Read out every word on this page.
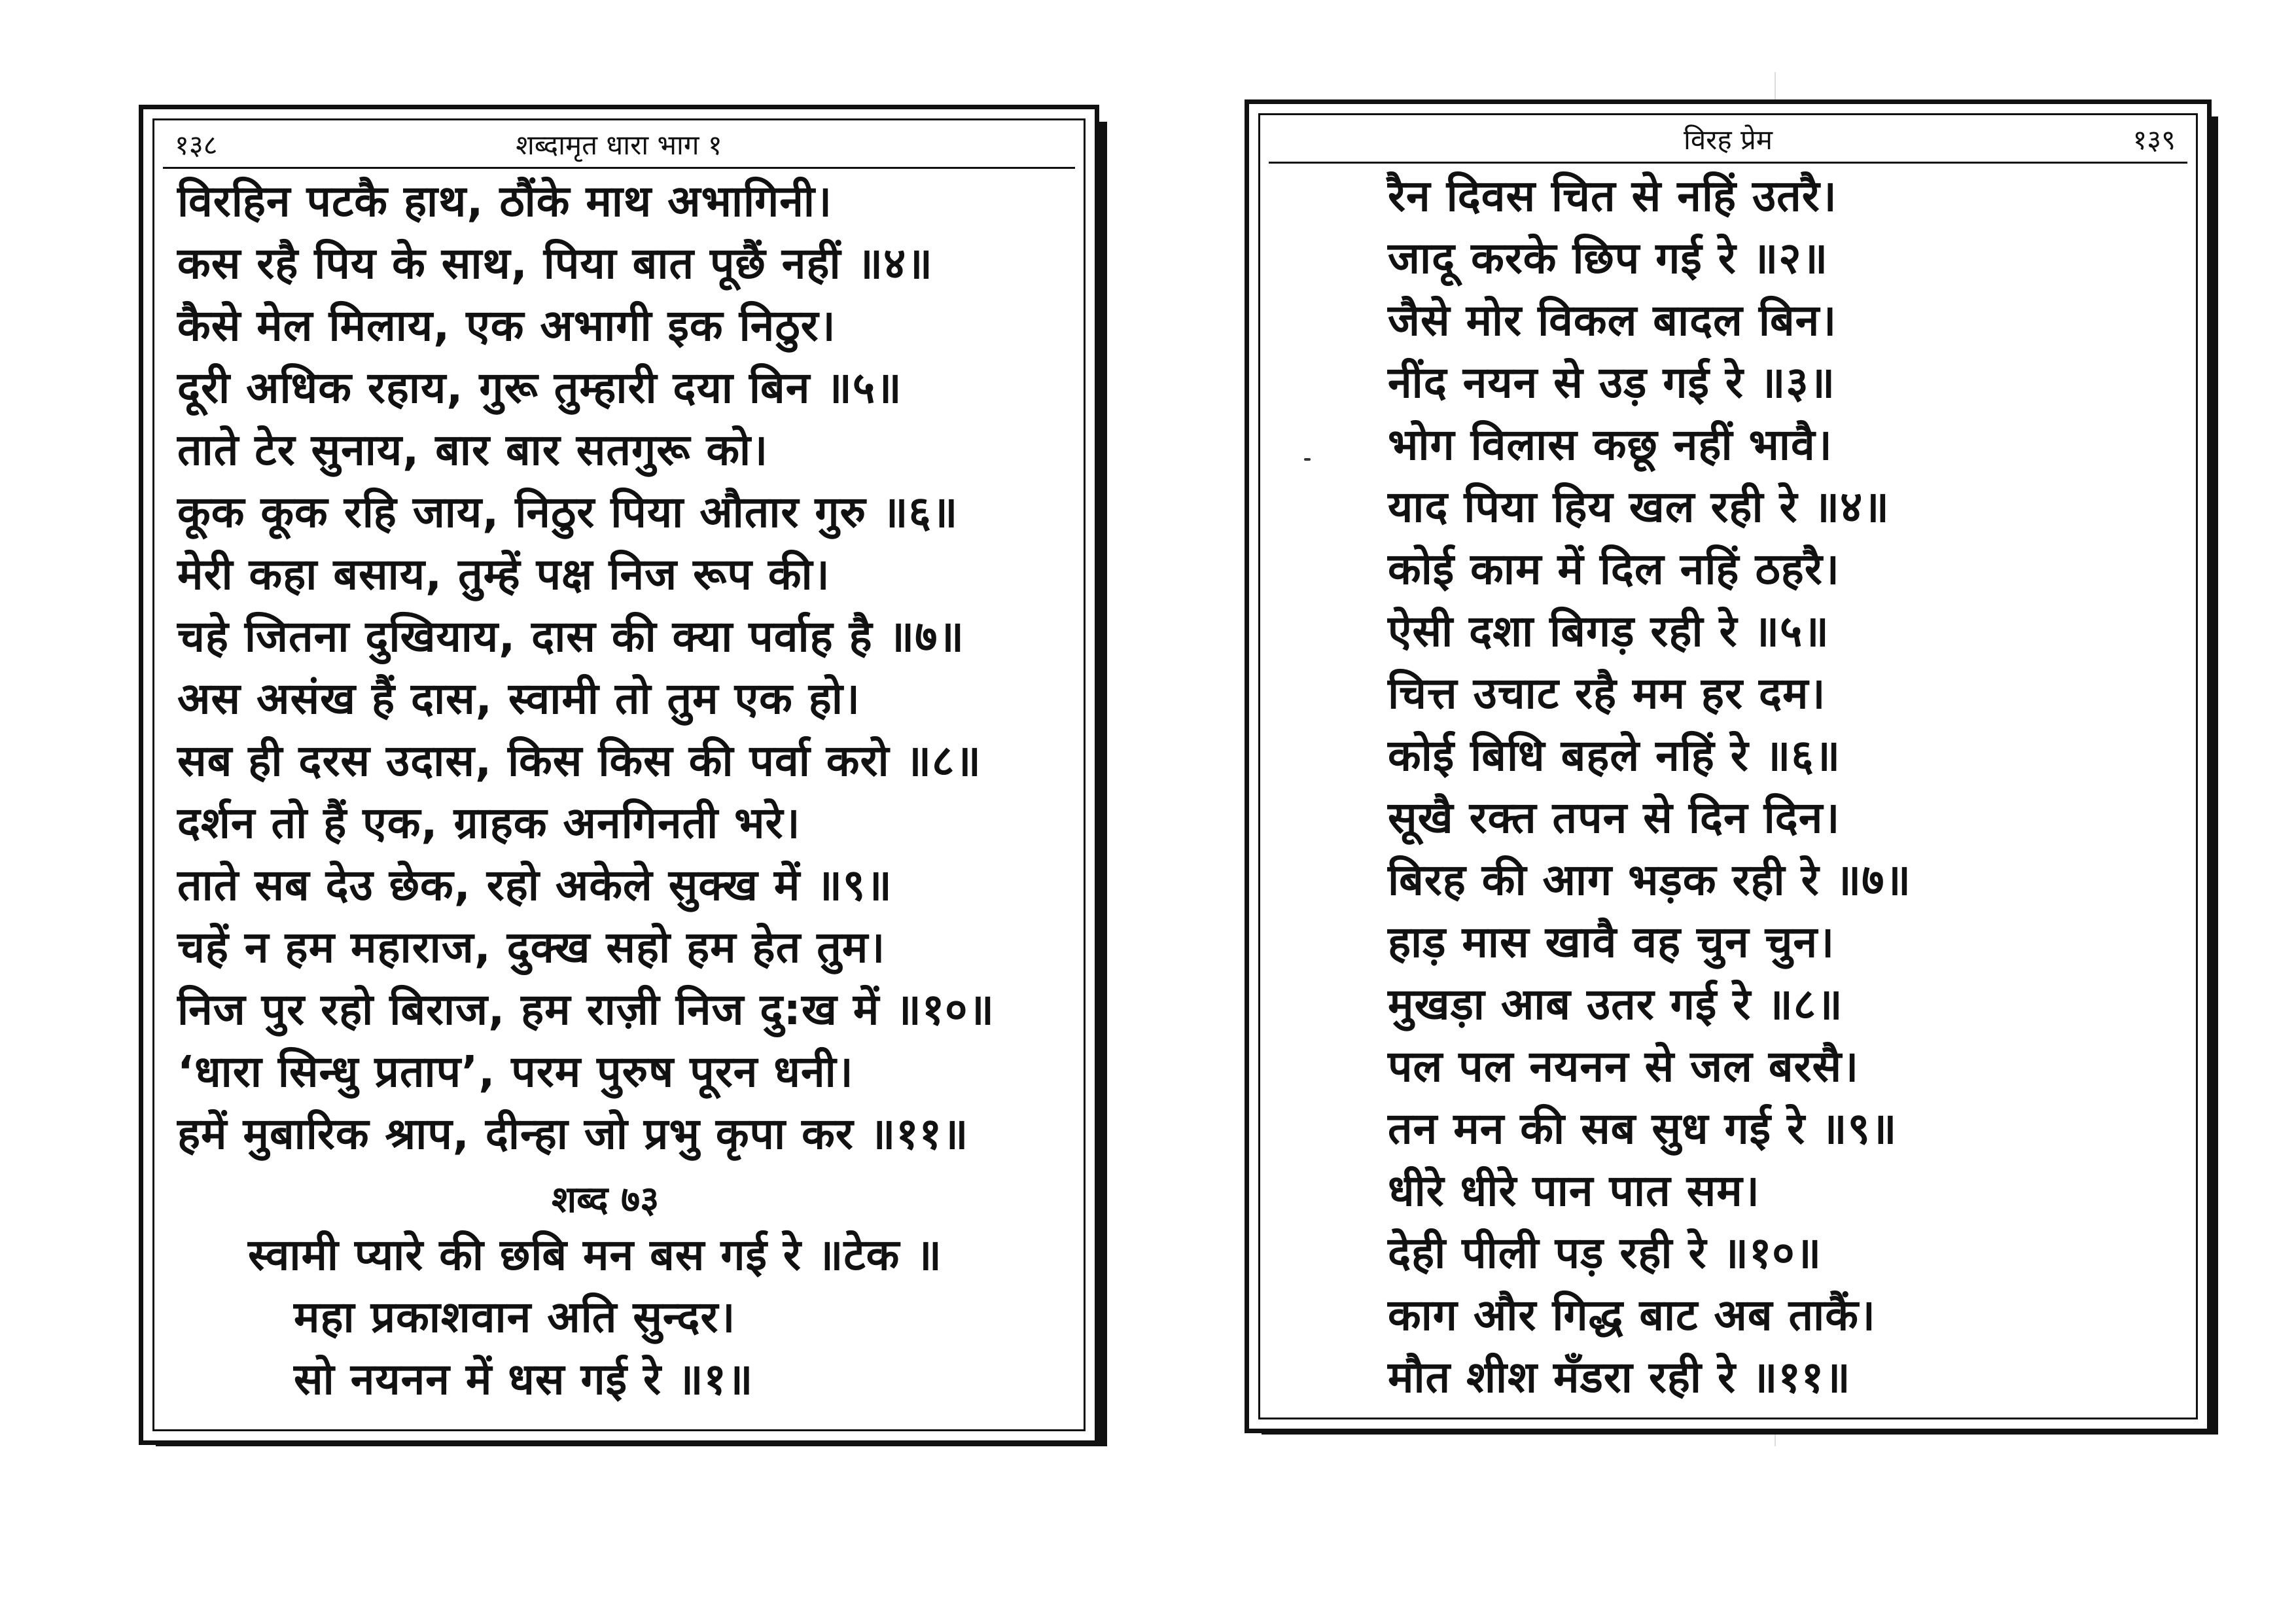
१३८	शब्दामृत धारा भाग १
विरहिन पटकै हाथ, ठौंके माथ अभागिनी।
कस रहै पिय के साथ, पिया बात पूछैं नहीं ॥४॥
कैसे मेल मिलाय, एक अभागी इक निठुर।
दूरी अधिक रहाय, गुरू तुम्हारी दया बिन ॥५॥
ताते टेर सुनाय, बार बार सतगुरू को।
कूक कूक रहि जाय, निठुर पिया औतार गुरु ॥६॥
मेरी कहा बसाय, तुम्हें पक्ष निज रूप की।
चहे जितना दुखियाय, दास की क्या पर्वाह है ॥७॥
अस असंख हैं दास, स्वामी तो तुम एक हो।
सब ही दरस उदास, किस किस की पर्वा करो ॥८॥
दर्शन तो हैं एक, ग्राहक अनगिनती भरे।
ताते सब देउ छेक, रहो अकेले सुक्ख में ॥९॥
चहें न हम महाराज, दुक्ख सहो हम हेत तुम।
निज पुर रहो बिराज, हम राज़ी निज दु:ख में ॥१०॥
‘धारा सिन्धु प्रताप’, परम पुरुष पूरन धनी।
हमें मुबारिक श्राप, दीन्हा जो प्रभु कृपा कर ॥११॥
शब्द ७३
स्वामी प्यारे की छबि मन बस गई रे ॥टेक ॥
महा प्रकाशवान अति सुन्दर।
सो नयनन में धस गई रे ॥१॥
विरह प्रेम	१३९
रैन दिवस चित से नहिं उतरै।
जादू करके छिप गई रे ॥२॥
जैसे मोर विकल बादल बिन।
नींद नयन से उड़ गई रे ॥३॥
भोग विलास कछू नहीं भावै।
याद पिया हिय खल रही रे ॥४॥
कोई काम में दिल नहिं ठहरै।
ऐसी दशा बिगड़ रही रे ॥५॥
चित्त उचाट रहै मम हर दम।
कोई बिधि बहले नहिं रे ॥६॥
सूखै रक्त तपन से दिन दिन।
बिरह की आग भड़क रही रे ॥७॥
हाड़ मास खावै वह चुन चुन।
मुखड़ा आब उतर गई रे ॥८॥
पल पल नयनन से जल बरसै।
तन मन की सब सुध गई रे ॥९॥
धीरे धीरे पान पात सम।
देही पीली पड़ रही रे ॥१०॥
काग और गिद्ध बाट अब ताकैं।
मौत शीश मँडरा रही रे ॥११॥
